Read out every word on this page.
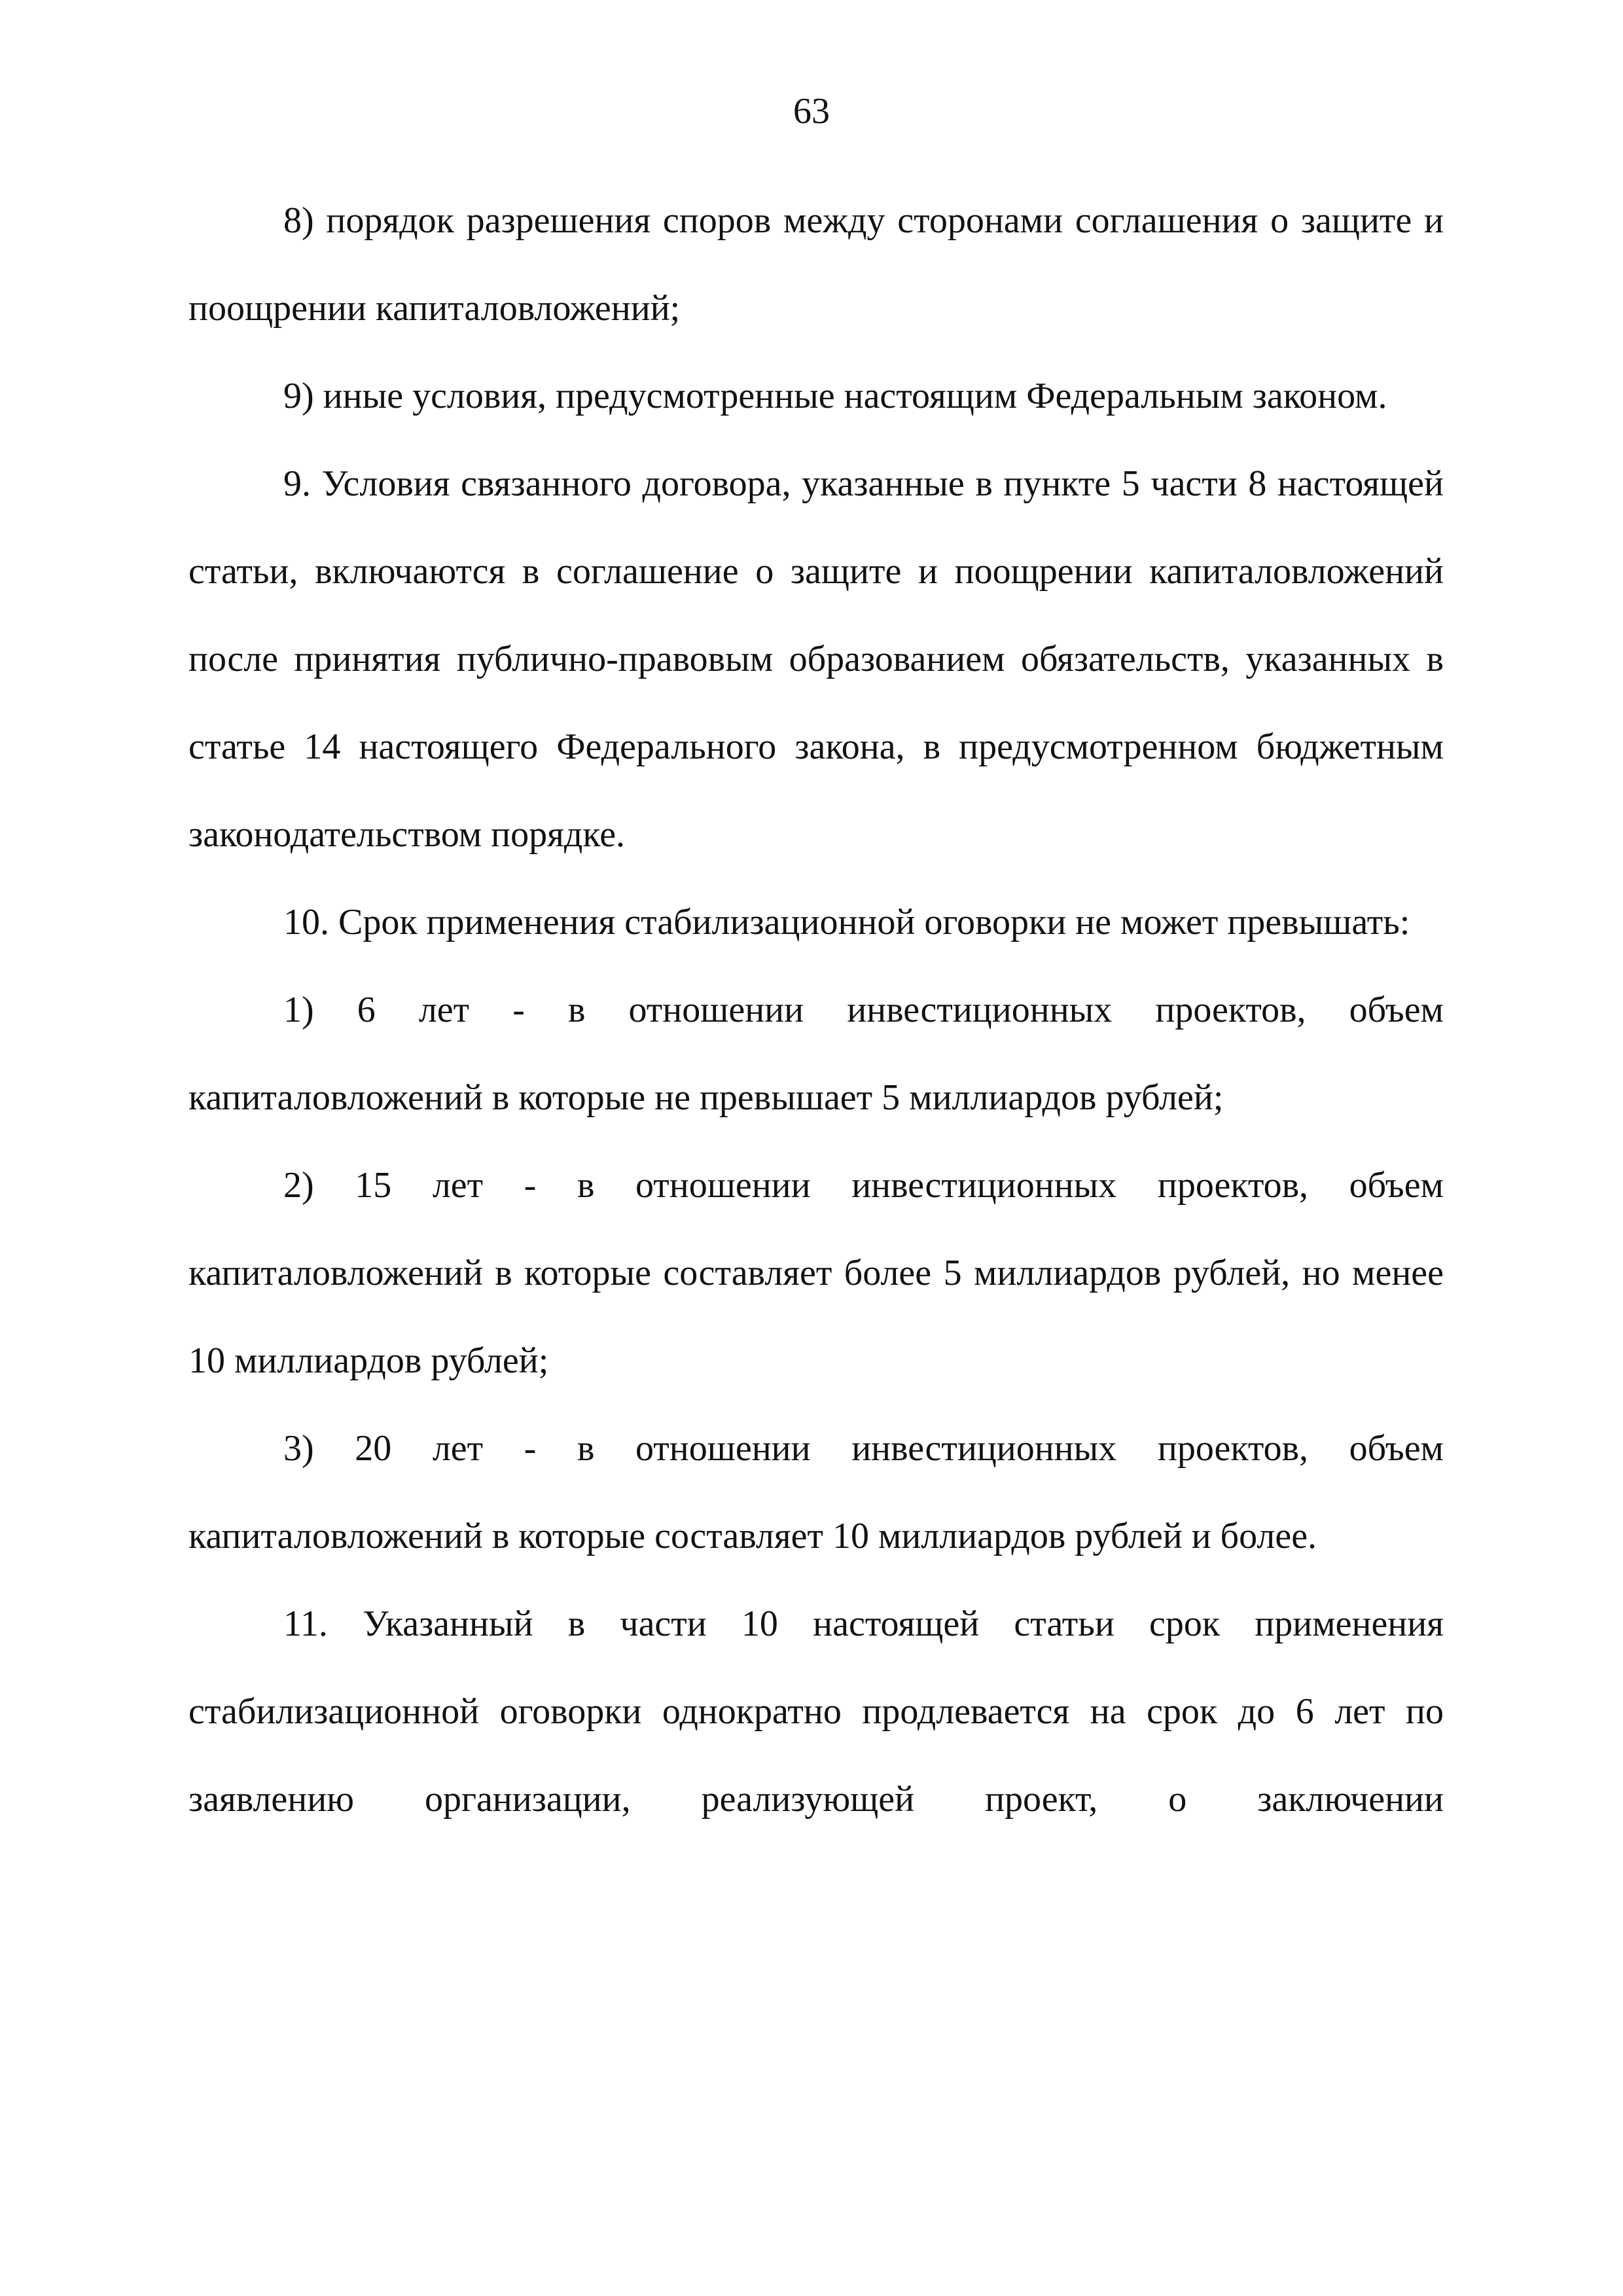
63

8) порядок разрешения споров между сторонами соглашения о защите и поощрении капиталовложений;

9) иные условия, предусмотренные настоящим Федеральным законом.

9. Условия связанного договора, указанные в пункте 5 части 8 настоящей статьи, включаются в соглашение о защите и поощрении капиталовложений после принятия публично-правовым образованием обязательств, указанных в статье 14 настоящего Федерального закона, в предусмотренном бюджетным законодательством порядке.

10. Срок применения стабилизационной оговорки не может превышать:

1) 6 лет - в отношении инвестиционных проектов, объем капиталовложений в которые не превышает 5 миллиардов рублей;

2) 15 лет - в отношении инвестиционных проектов, объем капиталовложений в которые составляет более 5 миллиардов рублей, но менее 10 миллиардов рублей;

3) 20 лет - в отношении инвестиционных проектов, объем капиталовложений в которые составляет 10 миллиардов рублей и более.

11. Указанный в части 10 настоящей статьи срок применения стабилизационной оговорки однократно продлевается на срок до 6 лет по заявлению организации, реализующей проект, о заключении
